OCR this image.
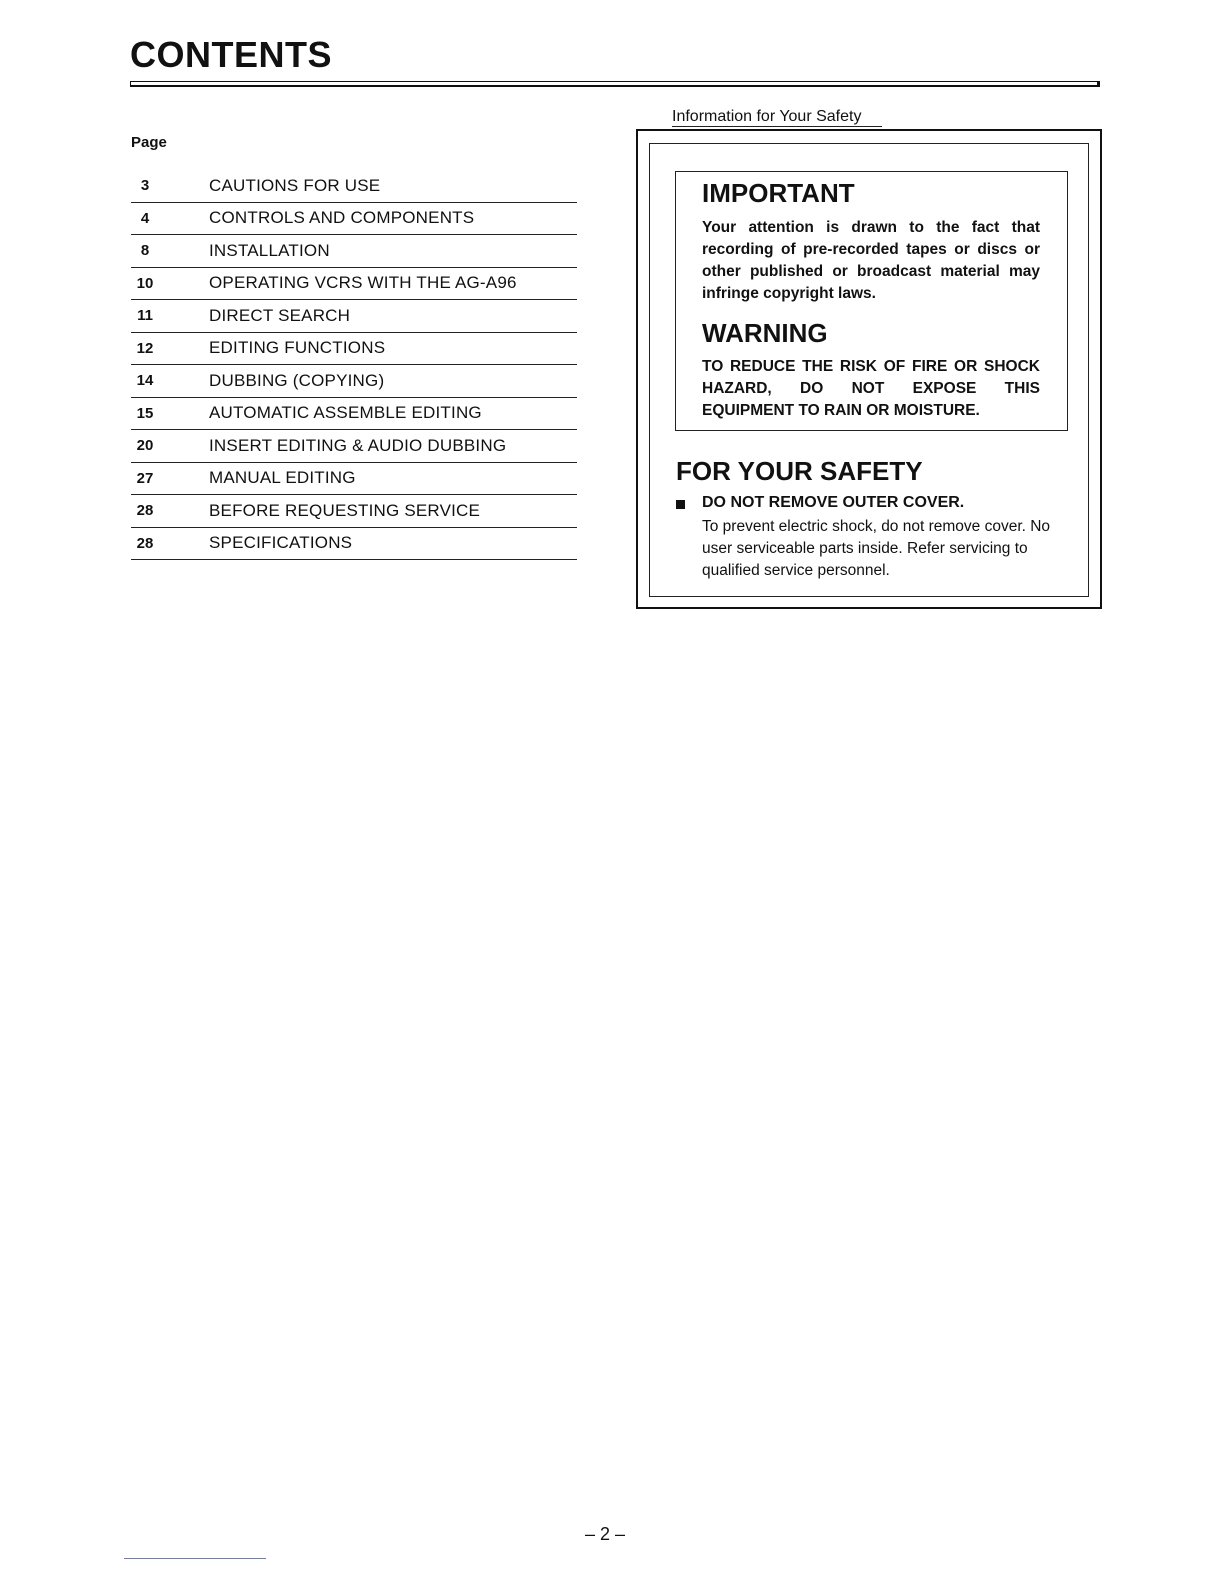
CONTENTS
Page
3	CAUTIONS FOR USE
4	CONTROLS AND COMPONENTS
8	INSTALLATION
10	OPERATING VCRS WITH THE AG-A96
11	DIRECT SEARCH
12	EDITING FUNCTIONS
14	DUBBING (COPYING)
15	AUTOMATIC ASSEMBLE EDITING
20	INSERT EDITING & AUDIO DUBBING
27	MANUAL EDITING
28	BEFORE REQUESTING SERVICE
28	SPECIFICATIONS
Information for Your Safety
IMPORTANT

Your attention is drawn to the fact that recording of pre-recorded tapes or discs or other published or broadcast material may infringe copyright laws.

WARNING

TO REDUCE THE RISK OF FIRE OR SHOCK HAZARD, DO NOT EXPOSE THIS EQUIPMENT TO RAIN OR MOISTURE.

FOR YOUR SAFETY
DO NOT REMOVE OUTER COVER.

To prevent electric shock, do not remove cover. No user serviceable parts inside. Refer servicing to qualified service personnel.

– 2 –
